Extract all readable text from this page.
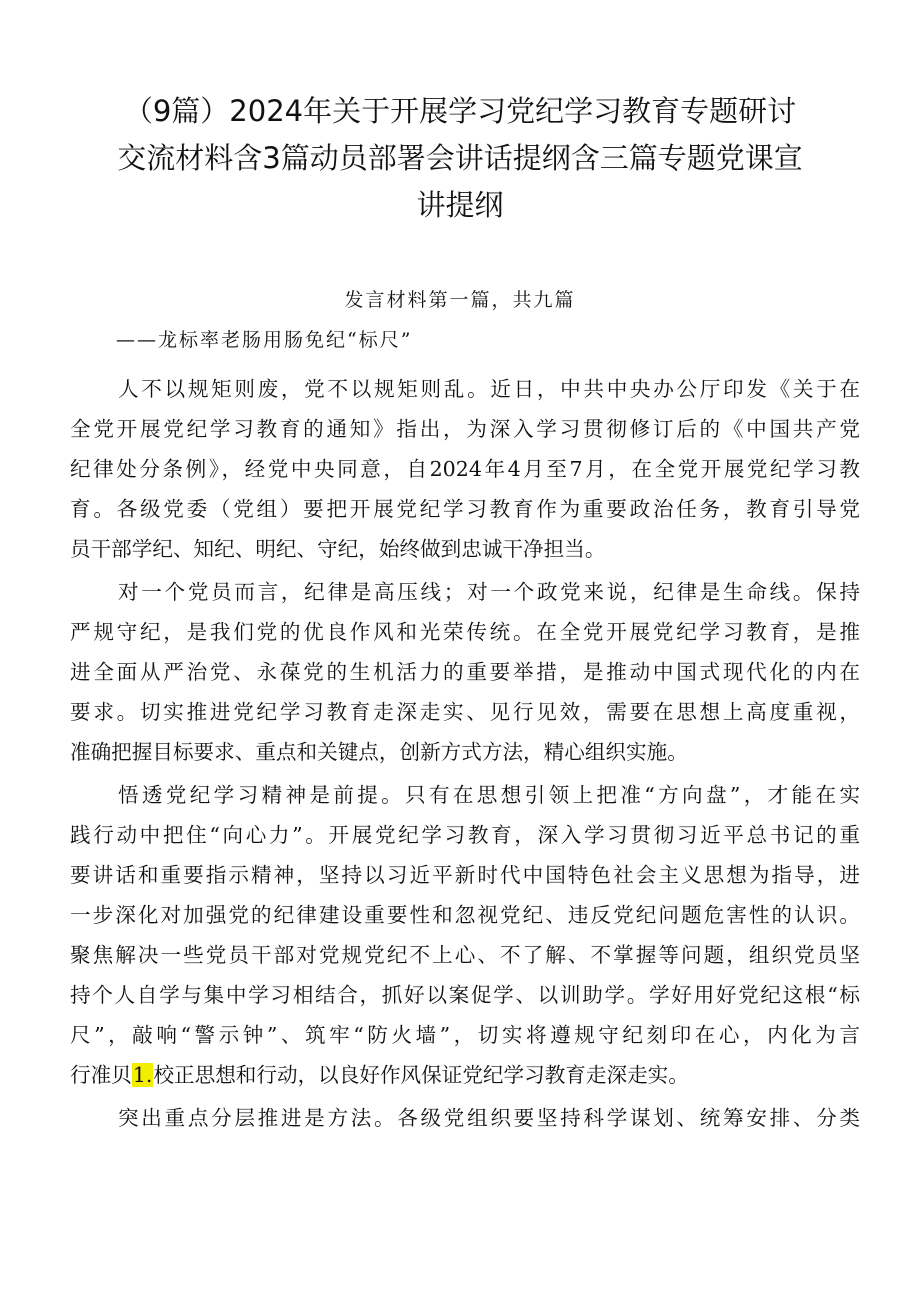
（9篇）2024年关于开展学习党纪学习教育专题研讨
交流材料含3篇动员部署会讲话提纲含三篇专题党课宣
讲提纲
发言材料第一篇，共九篇
——龙标率老肠用肠免纪“标尺”
人不以规矩则废，党不以规矩则乱。近日，中共中央办公厅印发《关于在
全党开展党纪学习教育的通知》指出，为深入学习贯彻修订后的《中国共产党
纪律处分条例》，经党中央同意，自2024年4月至7月，在全党开展党纪学习教
育。各级党委（党组）要把开展党纪学习教育作为重要政治任务，教育引导党
员干部学纪、知纪、明纪、守纪，始终做到忠诚干净担当。
对一个党员而言，纪律是高压线；对一个政党来说，纪律是生命线。保持
严规守纪，是我们党的优良作风和光荣传统。在全党开展党纪学习教育，是推
进全面从严治党、永葆党的生机活力的重要举措，是推动中国式现代化的内在
要求。切实推进党纪学习教育走深走实、见行见效，需要在思想上高度重视，
准确把握目标要求、重点和关键点，创新方式方法，精心组织实施。
悟透党纪学习精神是前提。只有在思想引领上把准“方向盘”，才能在实
践行动中把住“向心力”。开展党纪学习教育，深入学习贯彻习近平总书记的重
要讲话和重要指示精神，坚持以习近平新时代中国特色社会主义思想为指导，进
一步深化对加强党的纪律建设重要性和忽视党纪、违反党纪问题危害性的认识。
聚焦解决一些党员干部对党规党纪不上心、不了解、不掌握等问题，组织党员坚
持个人自学与集中学习相结合，抓好以案促学、以训助学。学好用好党纪这根“标
尺”，敲响“警示钟”、筑牢“防火墙”，切实将遵规守纪刻印在心，内化为言
行准贝1.校正思想和行动，以良好作风保证党纪学习教育走深走实。
突出重点分层推进是方法。各级党组织要坚持科学谋划、统筹安排、分类
